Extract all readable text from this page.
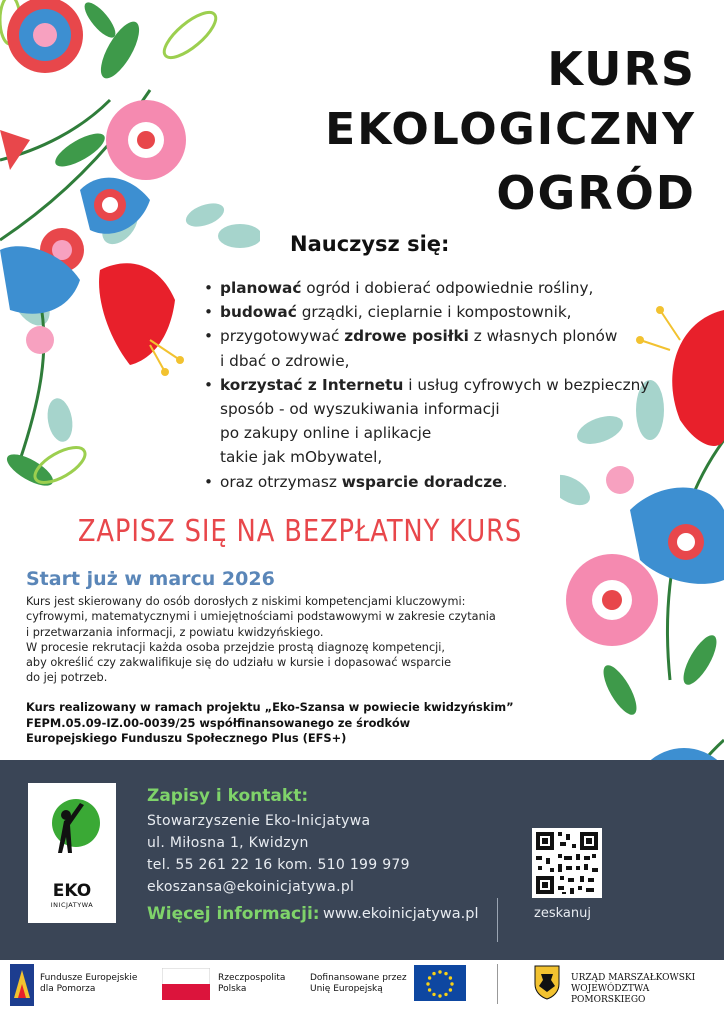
KURS
EKOLOGICZNY
OGRÓD
Nauczysz się:
• planować ogród i dobierać odpowiednie rośliny,
• budować grządki, cieplarnie i kompostownik,
• przygotowywać zdrowe posiłki z własnych plonów
i dbać o zdrowie,
• korzystać z Internetu i usług cyfrowych w bezpieczny
sposób - od wyszukiwania informacji
po zakupy online i aplikacje
takie jak mObywatel,
• oraz otrzymasz wsparcie doradcze.
ZAPISZ SIĘ NA BEZPŁATNY KURS
Start już w marcu 2026

Kurs jest skierowany do osób dorosłych z niskimi kompetencjami kluczowymi:

cyfrowymi, matematycznymi i umiejętnościami podstawowymi w zakresie czytania

i przetwarzania informacji, z powiatu kwidzyńskiego.

W procesie rekrutacji każda osoba przejdzie prostą diagnozę kompetencji,

aby określić czy zakwalifikuje się do udziału w kursie i dopasować wsparcie

do jej potrzeb.

Kurs realizowany w ramach projektu „Eko-Szansa w powiecie kwidzyńskim”

FEPM.05.09-IZ.00-0039/25 współfinansowanego ze środków

Europejskiego Funduszu Społecznego Plus (EFS+)

EKO
INICJATYWA
Zapisy i kontakt:
Stowarzyszenie Eko-Inicjatywa
ul. Miłosna 1, Kwidzyn
tel. 55 261 22 16 kom. 510 199 979
ekoszansa@ekoinicjatywa.pl
Więcej informacji: www.ekoinicjatywa.pl	zeskanuj
Fundusze Europejskie
dla Pomorza
Rzeczpospolita
Polska
Dofinansowane przez
Unię Europejską
URZĄD MARSZAŁKOWSKI
WOJEWÓDZTWA POMORSKIEGO
